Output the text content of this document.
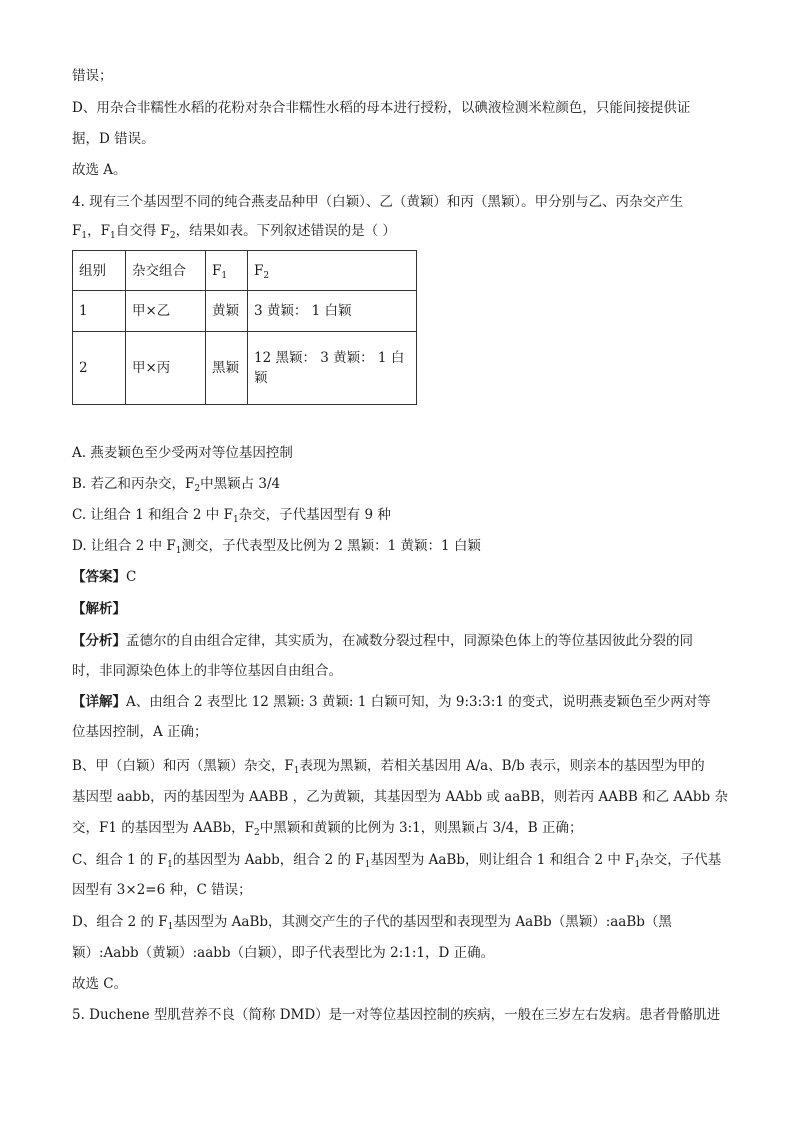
错误；
D、用杂合非糯性水稻的花粉对杂合非糯性水稻的母本进行授粉，以碘液检测米粒颜色，只能间接提供证
据，D 错误。
故选 A。
4. 现有三个基因型不同的纯合燕麦品种甲（白颖）、乙（黄颖）和丙（黑颖）。甲分别与乙、丙杂交产生
$F_1$，$F_1$自交得 $F_2$，结果如表。下列叙述错误的是（ ）
组别	杂交组合	$F_1$	$F_2$
1	甲×乙	黄颖	3 黄颖： 1 白颖
2	甲×丙	黑颖	12 黑颖： 3 黄颖： 1 白颖
A. 燕麦颖色至少受两对等位基因控制
B. 若乙和丙杂交，$F_2$中黑颖占 3/4
C. 让组合 1 和组合 2 中 $F_1$杂交，子代基因型有 9 种
D. 让组合 2 中 $F_1$测交，子代表型及比例为 2 黑颖：1 黄颖：1 白颖
【答案】C
【解析】
【分析】孟德尔的自由组合定律，其实质为，在减数分裂过程中，同源染色体上的等位基因彼此分裂的同
时，非同源染色体上的非等位基因自由组合。
【详解】A、由组合 2 表型比 12 黑颖: 3 黄颖: 1 白颖可知，为 9:3:3:1 的变式，说明燕麦颖色至少两对等
位基因控制，A 正确；
B、甲（白颖）和丙（黑颖）杂交，$F_1$表现为黑颖，若相关基因用 A/a、B/b 表示，则亲本的基因型为甲的
基因型 aabb，丙的基因型为 AABB ，乙为黄颖，其基因型为 AAbb 或 aaBB，则若丙 AABB 和乙 AAbb 杂
交，F1 的基因型为 AABb，$F_2$中黑颖和黄颖的比例为 3:1，则黑颖占 3/4，B 正确；
C、组合 1 的 $F_1$的基因型为 Aabb，组合 2 的 $F_1$基因型为 AaBb，则让组合 1 和组合 2 中 $F_1$杂交，子代基
因型有 3×2=6 种，C 错误；
D、组合 2 的 $F_1$基因型为 AaBb，其测交产生的子代的基因型和表现型为 AaBb（黑颖）:aaBb（黑
颖）:Aabb（黄颖）:aabb（白颖），即子代表型比为 2:1:1，D 正确。
故选 C。
5. Duchene 型肌营养不良（简称 DMD）是一对等位基因控制的疾病，一般在三岁左右发病。患者骨骼肌进
